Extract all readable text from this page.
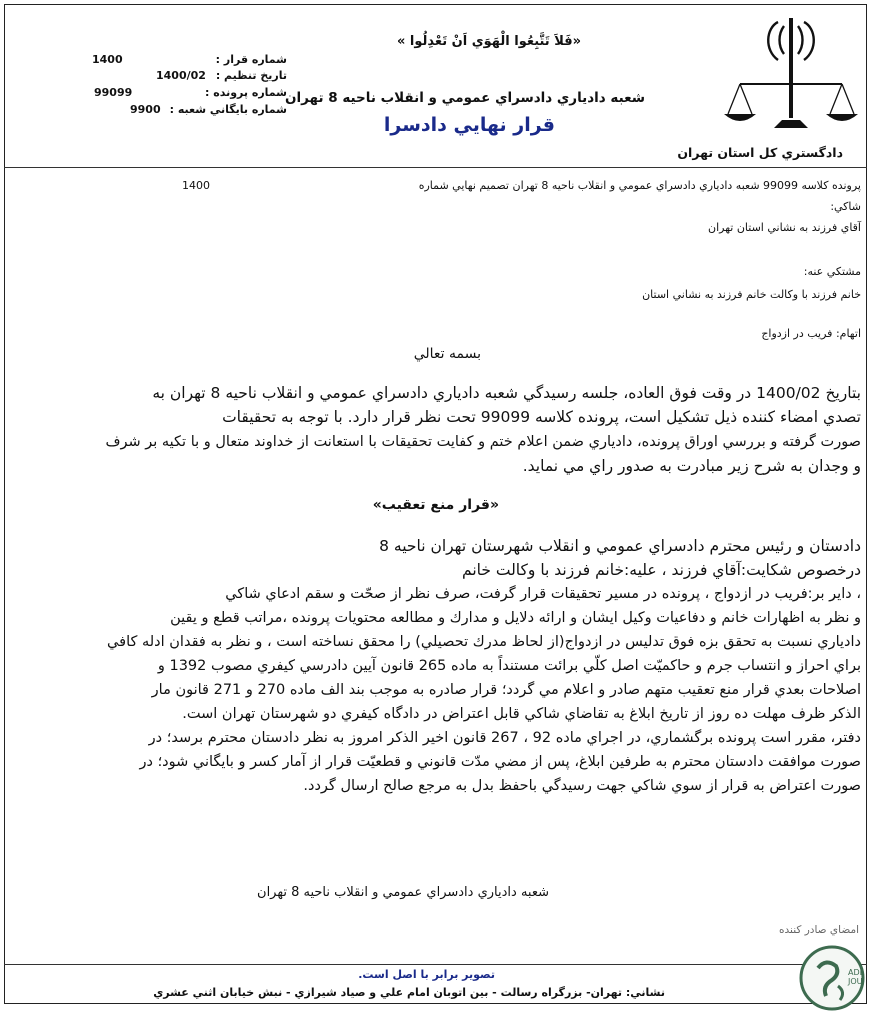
دادگستري كل استان تهران
«فَلاَ تَتَّبِعُوا الْهَوَي اَنْ تَعْدِلُوا »
شعبه دادياري دادسراي عمومي و انقلاب ناحيه 8 تهران
قرار نهايي دادسرا
شماره قرار :
1400
تاريخ تنظيم :
1400/02
شماره پرونده :
99099
شماره بايگاني شعبه :
9900
پرونده كلاسه 99099 شعبه دادياري دادسراي عمومي و انقلاب ناحيه 8 تهران تصميم نهايي شماره
1400
شاكي:
آقاي فرزند به نشاني استان تهران
مشتكي عنه:
خانم فرزند با وكالت خانم فرزند به نشاني استان
اتهام: فريب در ازدواج
بسمه تعالي
بتاريخ 1400/02 در وقت فوق العاده، جلسه رسيدگي شعبه دادياري دادسراي عمومي و انقلاب ناحيه 8 تهران به
تصدي امضاء كننده ذيل تشكيل است، پرونده كلاسه 99099 تحت نظر قرار دارد. با توجه به تحقيقات
صورت گرفته و بررسي اوراق پرونده، دادياري ضمن اعلام ختم و كفايت تحقيقات با استعانت از خداوند متعال و با تكيه بر شرف
و وجدان به شرح زير مبادرت به صدور راي مي نمايد.
«قرار منع تعقيب»
دادستان و رئيس محترم دادسراي عمومي و انقلاب شهرستان تهران ناحيه 8
درخصوص شكايت:آقاي فرزند ، عليه:خانم فرزند با وكالت خانم
، داير بر:فريب در ازدواج ، پرونده در مسير تحقيقات قرار گرفت، صرف نظر از صحّت و سقم ادعاي شاكي
و نظر به اظهارات خانم و دفاعيات وكيل ايشان و ارائه دلايل و مدارك و مطالعه محتويات پرونده ،مراتب قطع و يقين
دادياري نسبت به تحقق بزه فوق تدليس در ازدواج(از لحاظ مدرك تحصيلي) را محقق نساخته است ، و نظر به فقدان ادله كافي
براي احراز و انتساب جرم و حاكميّت اصل كلّي برائت مستنداً به ماده 265 قانون آيين دادرسي كيفري مصوب 1392 و
اصلاحات بعدي قرار منع تعقيب متهم صادر و اعلام مي گردد؛ قرار صادره به موجب بند الف ماده 270 و 271 قانون مار
الذكر ظرف مهلت ده روز از تاريخ ابلاغ به تقاضاي شاكي قابل اعتراض در دادگاه كيفري دو شهرستان تهران است.
دفتر، مقرر است پرونده برگشماري، در اجراي ماده 92 ، 267 قانون اخير الذكر امروز به نظر دادستان محترم برسد؛ در
صورت موافقت دادستان محترم به طرفين ابلاغ، پس از مضي مدّت قانوني و قطعيّت قرار از آمار كسر و بايگاني شود؛ در
صورت اعتراض به قرار از سوي شاكي جهت رسيدگي باحفظ بدل به مرجع صالح ارسال گردد.
شعبه دادياري دادسراي عمومي و انقلاب ناحيه 8 تهران
امضاي صادر كننده
تصوير برابر با اصل است.
نشاني: تهران- بزرگراه رسالت - بين اتوبان امام علي و صياد شيرازي - نبش خيابان اثني عشري
ADL JOU
